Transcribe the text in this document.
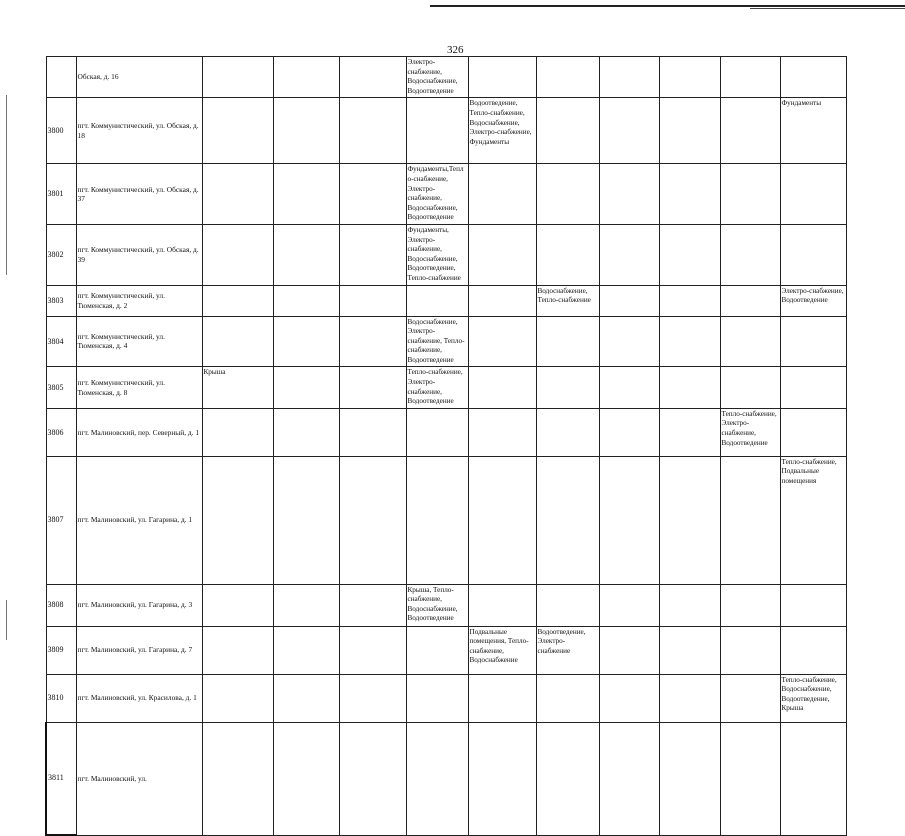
326
	Обская, д. 16				Электро-снабжение, Водоснабжение, Водоотведение							
3800	пгт. Коммунистический, ул. Обская, д. 18					Водоотведение, Тепло-снабжение, Водоснабжение, Электро-снабжение, Фундаменты					Фундаменты	
3801	пгт. Коммунистический, ул. Обская, д. 37				Фундаменты,Тепло-снабжение, Электро-снабжение, Водоснабжение, Водоотведение							
3802	пгт. Коммунистический, ул. Обская, д. 39				Фундаменты, Электро-снабжение, Водоснабжение, Водоотведение, Тепло-снабжение							
3803	пгт. Коммунистический, ул. Тюменская, д. 2						Водоснабжение, Тепло-снабжение				Электро-снабжение, Водоотведение	
3804	пгт. Коммунистический, ул. Тюменская, д. 4				Водоснабжение, Электро-снабжение, Тепло-снабжение, Водоотведение							
3805	пгт. Коммунистический, ул. Тюменская, д. 8	Крыша			Тепло-снабжение, Электро-снабжение, Водоотведение							
3806	пгт. Малиновский, пер. Северный, д. 1									Тепло-снабжение, Электро-снабжение, Водоотведение		
3807	пгт. Малиновский, ул. Гагарина, д. 1										Тепло-снабжение, Подвальные помещения	
3808	пгт. Малиновский, ул. Гагарина, д. 3				Крыша, Тепло-снабжение, Водоснабжение, Водоотведение							
3809	пгт. Малиновский, ул. Гагарина, д. 7					Подвальные помещения, Тепло-снабжение, Водоснабжение	Водоотведение, Электро-снабжение					
3810	пгт. Малиновский, ул. Красилова, д. 1										Тепло-снабжение, Водоснабжение, Водоотведение, Крыша	
3811	пгт. Малиновский, ул.											
